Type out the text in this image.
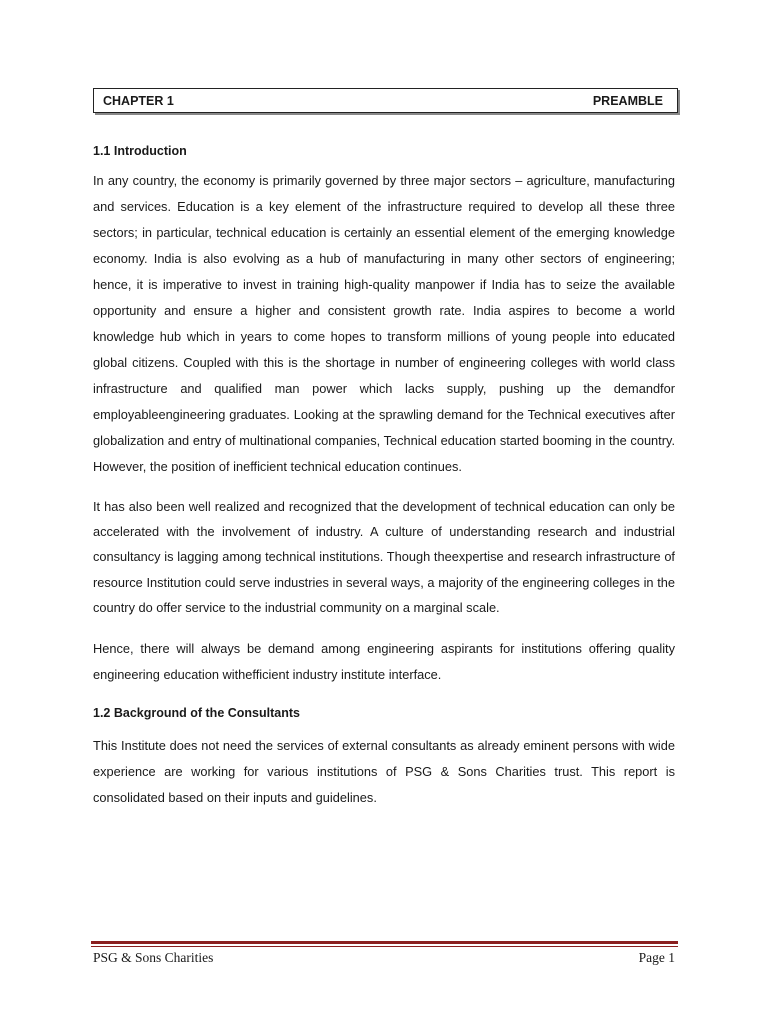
CHAPTER 1	PREAMBLE
1.1 Introduction

In any country, the economy is primarily governed by three major sectors – agriculture, manufacturing and services. Education is a key element of the infrastructure required to develop all these three sectors; in particular, technical education is certainly an essential element of the emerging knowledge economy. India is also evolving as a hub of manufacturing in many other sectors of engineering; hence, it is imperative to invest in training high-quality manpower if India has to seize the available opportunity and ensure a higher and consistent growth rate. India aspires to become a world knowledge hub which in years to come hopes to transform millions of young people into educated global citizens. Coupled with this is the shortage in number of engineering colleges with world class infrastructure and qualified man power which lacks supply, pushing up the demandfor employableengineering graduates. Looking at the sprawling demand for the Technical executives after globalization and entry of multinational companies, Technical education started booming in the country. However, the position of inefficient technical education continues.

It has also been well realized and recognized that the development of technical education can only be accelerated with the involvement of industry. A culture of understanding research and industrial consultancy is lagging among technical institutions. Though theexpertise and research infrastructure of resource Institution could serve industries in several ways, a majority of the engineering colleges in the country do offer service to the industrial community on a marginal scale.

Hence, there will always be demand among engineering aspirants for institutions offering quality engineering education withefficient industry institute interface.

1.2 Background of the Consultants

This Institute does not need the services of external consultants as already eminent persons with wide experience are working for various institutions of PSG & Sons Charities trust. This report is consolidated based on their inputs and guidelines.

PSG & Sons Charities	Page 1
